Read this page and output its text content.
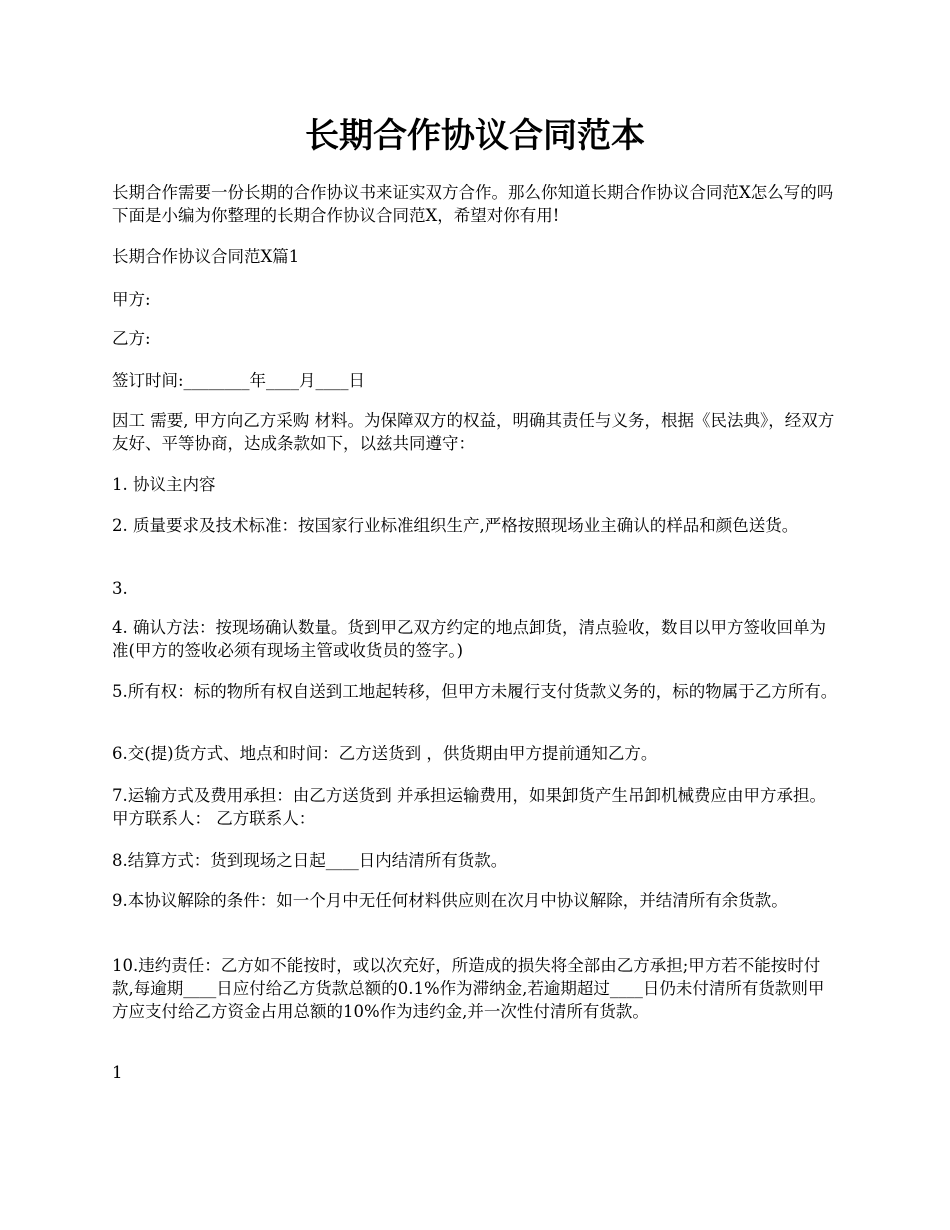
长期合作协议合同范本

长期合作需要一份长期的合作协议书来证实双方合作。那么你知道长期合作协议合同范X怎么写的吗下面是小编为你整理的长期合作协议合同范X，希望对你有用!

长期合作协议合同范X篇1

甲方:

乙方:

签订时间:________年____月____日

因工 需要, 甲方向乙方采购 材料。为保障双方的权益，明确其责任与义务，根据《民法典》，经双方友好、平等协商，达成条款如下，以兹共同遵守：

1. 协议主内容

2. 质量要求及技术标准：按国家行业标准组织生产,严格按照现场业主确认的样品和颜色送货。

3.

4. 确认方法：按现场确认数量。货到甲乙双方约定的地点卸货，清点验收，数目以甲方签收回单为准(甲方的签收必须有现场主管或收货员的签字。)

5.所有权：标的物所有权自送到工地起转移，但甲方未履行支付货款义务的，标的物属于乙方所有。

6.交(提)货方式、地点和时间：乙方送货到 ，供货期由甲方提前通知乙方。

7.运输方式及费用承担：由乙方送货到 并承担运输费用，如果卸货产生吊卸机械费应由甲方承担。 甲方联系人： 乙方联系人：

8.结算方式：货到现场之日起____日内结清所有货款。

9.本协议解除的条件：如一个月中无任何材料供应则在次月中协议解除，并结清所有余货款。

10.违约责任：乙方如不能按时，或以次充好，所造成的损失将全部由乙方承担;甲方若不能按时付款,每逾期____日应付给乙方货款总额的0.1%作为滞纳金,若逾期超过____日仍未付清所有货款则甲方应支付给乙方资金占用总额的10%作为违约金,并一次性付清所有货款。

1
